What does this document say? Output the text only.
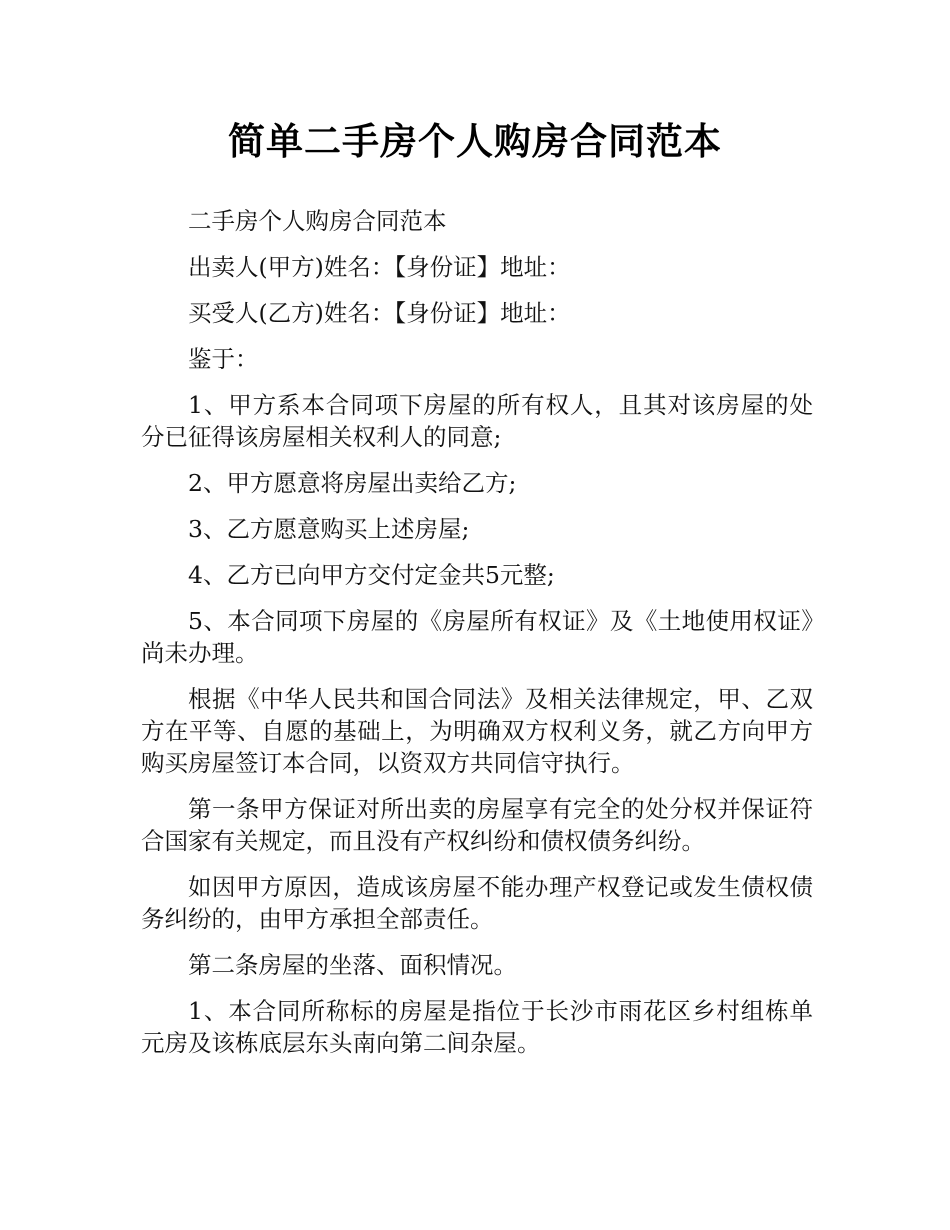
简单二手房个人购房合同范本

二手房个人购房合同范本

出卖人(甲方)姓名：【身份证】地址：

买受人(乙方)姓名：【身份证】地址：

鉴于：

1、甲方系本合同项下房屋的所有权人，且其对该房屋的处分已征得该房屋相关权利人的同意;

2、甲方愿意将房屋出卖给乙方;

3、乙方愿意购买上述房屋;

4、乙方已向甲方交付定金共5元整;

5、本合同项下房屋的《房屋所有权证》及《土地使用权证》尚未办理。

根据《中华人民共和国合同法》及相关法律规定，甲、乙双方在平等、自愿的基础上，为明确双方权利义务，就乙方向甲方购买房屋签订本合同，以资双方共同信守执行。

第一条甲方保证对所出卖的房屋享有完全的处分权并保证符合国家有关规定，而且没有产权纠纷和债权债务纠纷。

如因甲方原因，造成该房屋不能办理产权登记或发生债权债务纠纷的，由甲方承担全部责任。

第二条房屋的坐落、面积情况。

1、本合同所称标的房屋是指位于长沙市雨花区乡村组栋单元房及该栋底层东头南向第二间杂屋。
